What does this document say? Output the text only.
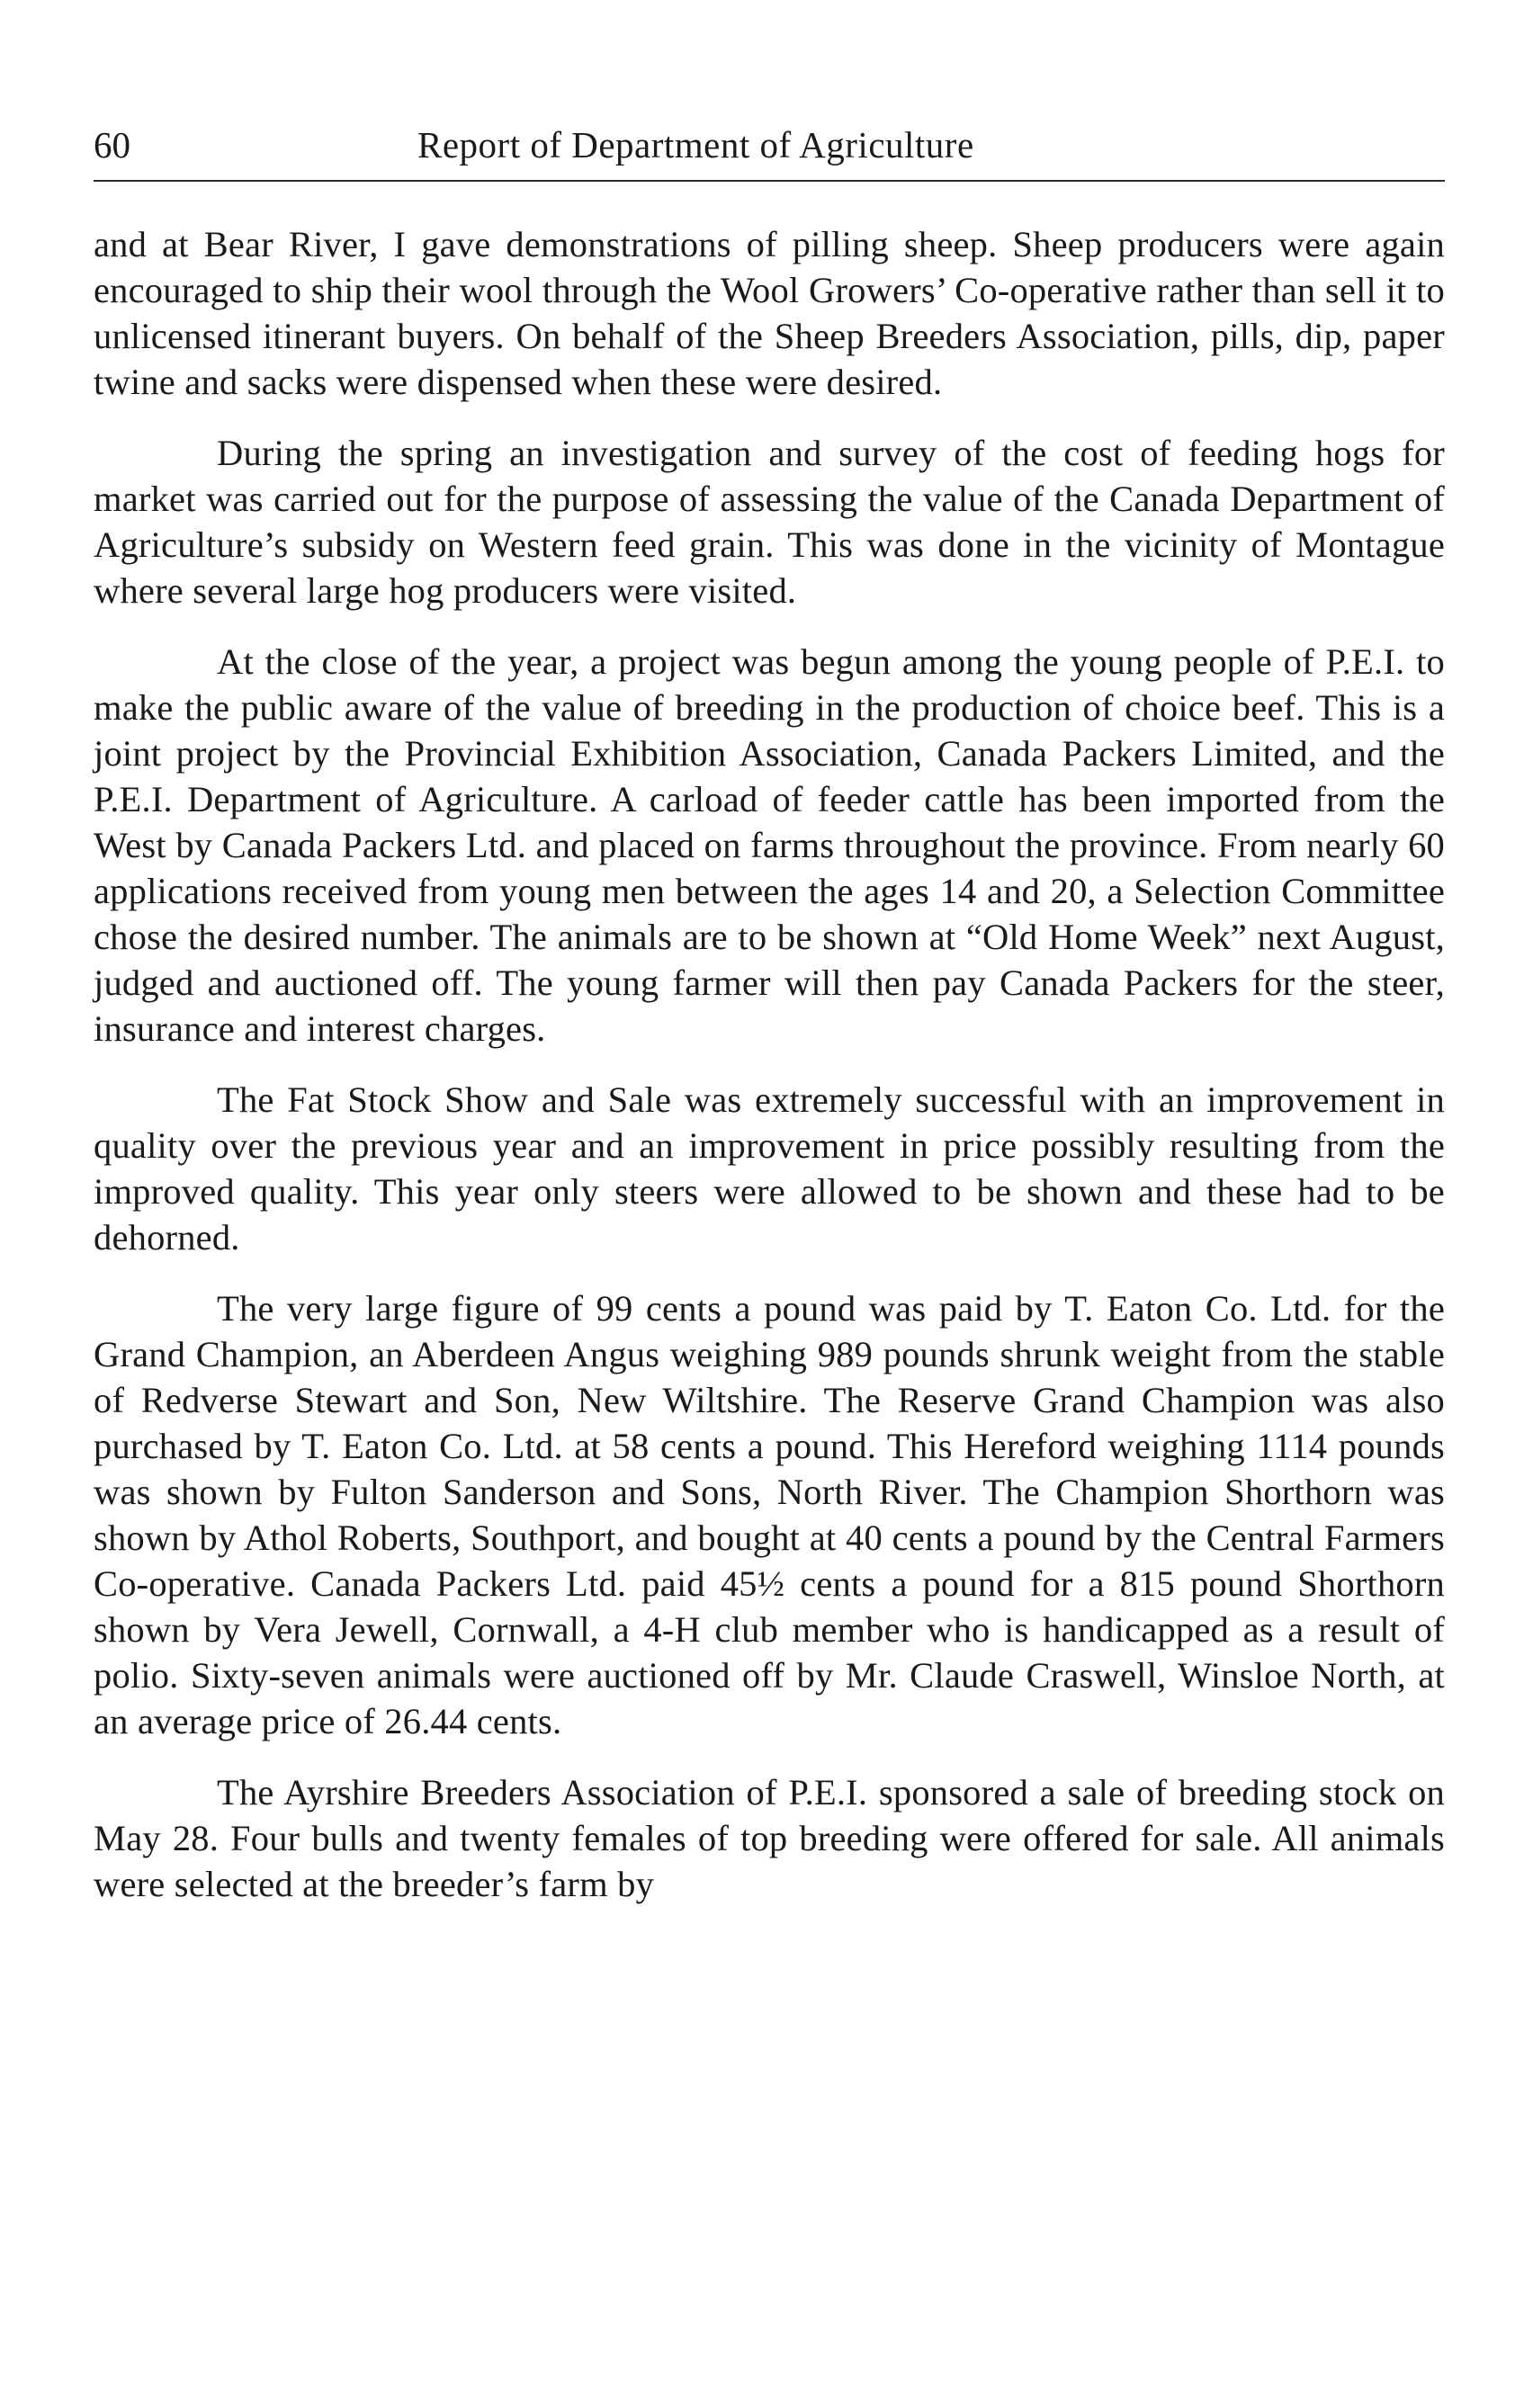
60	Report of Department of Agriculture

and at Bear River, I gave demonstrations of pilling sheep. Sheep producers were again encouraged to ship their wool through the Wool Growers’ Co-operative rather than sell it to unlicensed itinerant buyers. On behalf of the Sheep Breeders Association, pills, dip, paper twine and sacks were dispensed when these were desired.

During the spring an investigation and survey of the cost of feeding hogs for market was carried out for the purpose of assessing the value of the Canada Department of Agriculture’s subsidy on Western feed grain. This was done in the vicinity of Montague where several large hog producers were visited.

At the close of the year, a project was begun among the young people of P.E.I. to make the public aware of the value of breeding in the production of choice beef. This is a joint project by the Provincial Exhibition Association, Canada Packers Limited, and the P.E.I. Department of Agriculture. A carload of feeder cattle has been imported from the West by Canada Packers Ltd. and placed on farms throughout the province. From nearly 60 applications received from young men between the ages 14 and 20, a Selection Committee chose the desired number. The animals are to be shown at “Old Home Week” next August, judged and auctioned off. The young farmer will then pay Canada Packers for the steer, insurance and interest charges.

The Fat Stock Show and Sale was extremely successful with an improvement in quality over the previous year and an improvement in price possibly resulting from the improved quality. This year only steers were allowed to be shown and these had to be dehorned.

The very large figure of 99 cents a pound was paid by T. Eaton Co. Ltd. for the Grand Champion, an Aberdeen Angus weighing 989 pounds shrunk weight from the stable of Redverse Stewart and Son, New Wiltshire. The Reserve Grand Champion was also purchased by T. Eaton Co. Ltd. at 58 cents a pound. This Hereford weighing 1114 pounds was shown by Fulton Sanderson and Sons, North River. The Champion Shorthorn was shown by Athol Roberts, Southport, and bought at 40 cents a pound by the Central Farmers Co-operative. Canada Packers Ltd. paid 45½ cents a pound for a 815 pound Shorthorn shown by Vera Jewell, Cornwall, a 4-H club member who is handicapped as a result of polio. Sixty-seven animals were auctioned off by Mr. Claude Craswell, Winsloe North, at an average price of 26.44 cents.

The Ayrshire Breeders Association of P.E.I. sponsored a sale of breeding stock on May 28. Four bulls and twenty females of top breeding were offered for sale. All animals were selected at the breeder’s farm by
